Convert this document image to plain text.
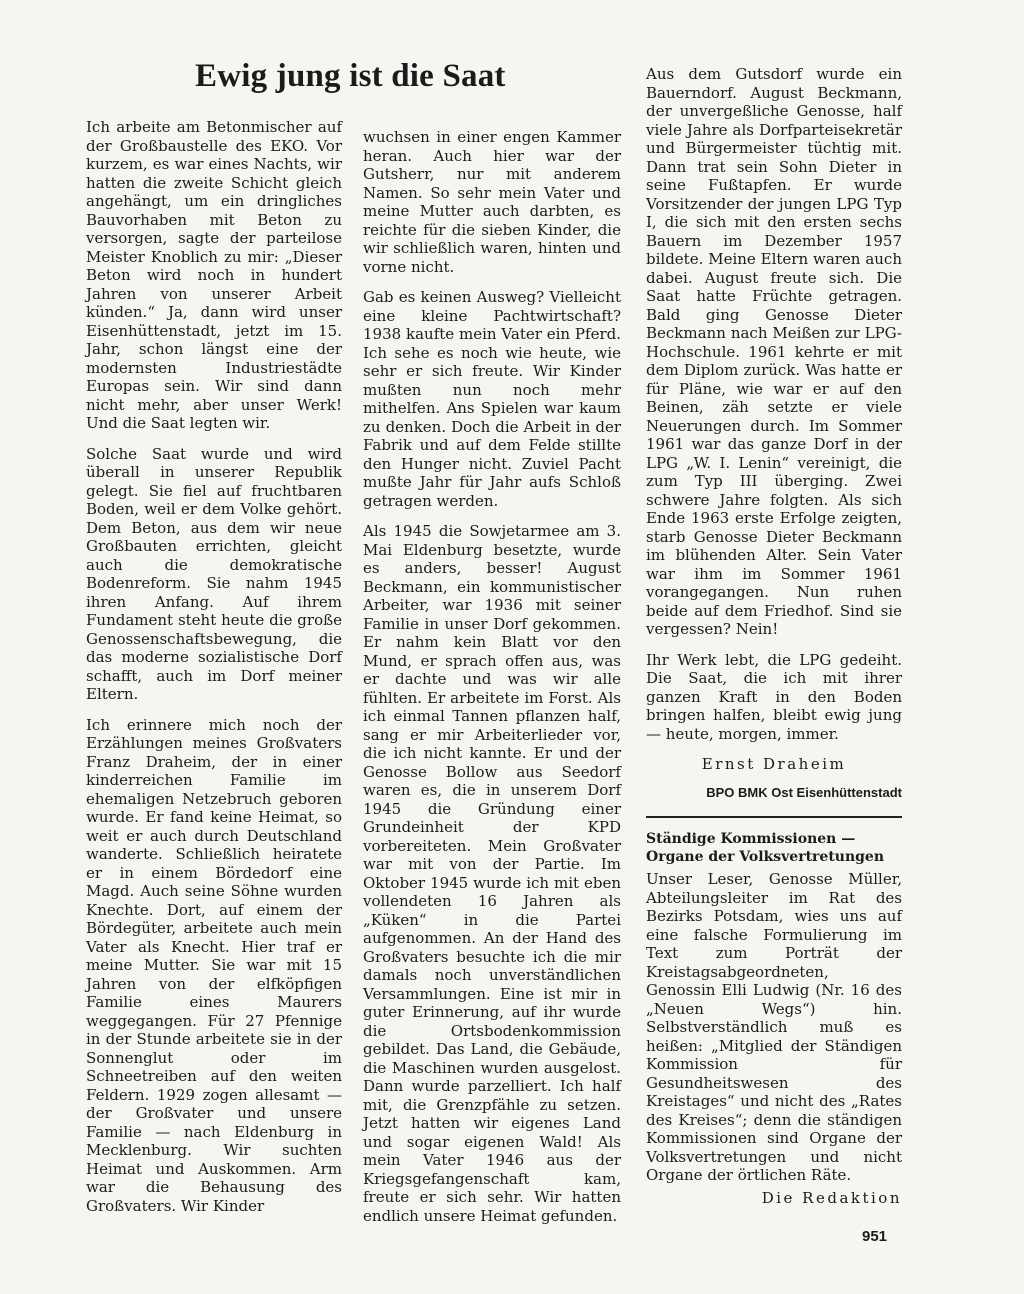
Ewig jung ist die Saat

Ich arbeite am Betonmischer auf der Großbaustelle des EKO. Vor kurzem, es war eines Nachts, wir hatten die zweite Schicht gleich angehängt, um ein dringliches Bauvorhaben mit Beton zu versorgen, sagte der parteilose Meister Knoblich zu mir: „Dieser Beton wird noch in hundert Jahren von unserer Arbeit künden.“ Ja, dann wird unser Eisenhüttenstadt, jetzt im 15. Jahr, schon längst eine der modernsten Industriestädte Europas sein. Wir sind dann nicht mehr, aber unser Werk! Und die Saat legten wir.

Solche Saat wurde und wird überall in unserer Republik gelegt. Sie fiel auf fruchtbaren Boden, weil er dem Volke gehört. Dem Beton, aus dem wir neue Großbauten errichten, gleicht auch die demokratische Bodenreform. Sie nahm 1945 ihren Anfang. Auf ihrem Fundament steht heute die große Genossenschaftsbewegung, die das moderne sozialistische Dorf schafft, auch im Dorf meiner Eltern.

Ich erinnere mich noch der Erzählungen meines Großvaters Franz Draheim, der in einer kinderreichen Familie im ehemaligen Netzebruch geboren wurde. Er fand keine Heimat, so weit er auch durch Deutschland wanderte. Schließlich heiratete er in einem Bördedorf eine Magd. Auch seine Söhne wurden Knechte. Dort, auf einem der Bördegüter, arbeitete auch mein Vater als Knecht. Hier traf er meine Mutter. Sie war mit 15 Jahren von der elfköpfigen Familie eines Maurers weggegangen. Für 27 Pfennige in der Stunde arbeitete sie in der Sonnenglut oder im Schneetreiben auf den weiten Feldern. 1929 zogen allesamt — der Großvater und unsere Familie — nach Eldenburg in Mecklenburg. Wir suchten Heimat und Auskommen. Arm war die Behausung des Großvaters. Wir Kinder

wuchsen in einer engen Kammer heran. Auch hier war der Gutsherr, nur mit anderem Namen. So sehr mein Vater und meine Mutter auch darbten, es reichte für die sieben Kinder, die wir schließlich waren, hinten und vorne nicht.

Gab es keinen Ausweg? Vielleicht eine kleine Pachtwirtschaft? 1938 kaufte mein Vater ein Pferd. Ich sehe es noch wie heute, wie sehr er sich freute. Wir Kinder mußten nun noch mehr mithelfen. Ans Spielen war kaum zu denken. Doch die Arbeit in der Fabrik und auf dem Felde stillte den Hunger nicht. Zuviel Pacht mußte Jahr für Jahr aufs Schloß getragen werden.

Als 1945 die Sowjetarmee am 3. Mai Eldenburg besetzte, wurde es anders, besser! August Beckmann, ein kommunistischer Arbeiter, war 1936 mit seiner Familie in unser Dorf gekommen. Er nahm kein Blatt vor den Mund, er sprach offen aus, was er dachte und was wir alle fühlten. Er arbeitete im Forst. Als ich einmal Tannen pflanzen half, sang er mir Arbeiterlieder vor, die ich nicht kannte. Er und der Genosse Bollow aus Seedorf waren es, die in unserem Dorf 1945 die Gründung einer Grundeinheit der KPD vorbereiteten. Mein Großvater war mit von der Partie. Im Oktober 1945 wurde ich mit eben vollendeten 16 Jahren als „Küken“ in die Partei aufgenommen. An der Hand des Großvaters besuchte ich die mir damals noch unverständlichen Versammlungen. Eine ist mir in guter Erinnerung, auf ihr wurde die Ortsbodenkommission gebildet. Das Land, die Gebäude, die Maschinen wurden ausgelost. Dann wurde parzelliert. Ich half mit, die Grenzpfähle zu setzen. Jetzt hatten wir eigenes Land und sogar eigenen Wald! Als mein Vater 1946 aus der Kriegsgefangenschaft kam, freute er sich sehr. Wir hatten endlich unsere Heimat gefunden.

Aus dem Gutsdorf wurde ein Bauerndorf. August Beckmann, der unvergeßliche Genosse, half viele Jahre als Dorfparteisekretär und Bürgermeister tüchtig mit. Dann trat sein Sohn Dieter in seine Fußtapfen. Er wurde Vorsitzender der jungen LPG Typ I, die sich mit den ersten sechs Bauern im Dezember 1957 bildete. Meine Eltern waren auch dabei. August freute sich. Die Saat hatte Früchte getragen. Bald ging Genosse Dieter Beckmann nach Meißen zur LPG-Hochschule. 1961 kehrte er mit dem Diplom zurück. Was hatte er für Pläne, wie war er auf den Beinen, zäh setzte er viele Neuerungen durch. Im Sommer 1961 war das ganze Dorf in der LPG „W. I. Lenin“ vereinigt, die zum Typ III überging. Zwei schwere Jahre folgten. Als sich Ende 1963 erste Erfolge zeigten, starb Genosse Dieter Beckmann im blühenden Alter. Sein Vater war ihm im Sommer 1961 vorangegangen. Nun ruhen beide auf dem Friedhof. Sind sie vergessen? Nein!

Ihr Werk lebt, die LPG gedeiht. Die Saat, die ich mit ihrer ganzen Kraft in den Boden bringen halfen, bleibt ewig jung — heute, morgen, immer.

Ernst Draheim
BPO BMK Ost Eisenhüttenstadt
Ständige Kommissionen —
Organe der Volksvertretungen

Unser Leser, Genosse Müller, Abteilungsleiter im Rat des Bezirks Potsdam, wies uns auf eine falsche Formulierung im Text zum Porträt der Kreistagsabgeordneten, Genossin Elli Ludwig (Nr. 16 des „Neuen Wegs“) hin. Selbstverständlich muß es heißen: „Mitglied der Ständigen Kommission für Gesundheitswesen des Kreistages“ und nicht des „Rates des Kreises“; denn die ständigen Kommissionen sind Organe der Volksvertretungen und nicht Organe der örtlichen Räte.

Die Redaktion
951
